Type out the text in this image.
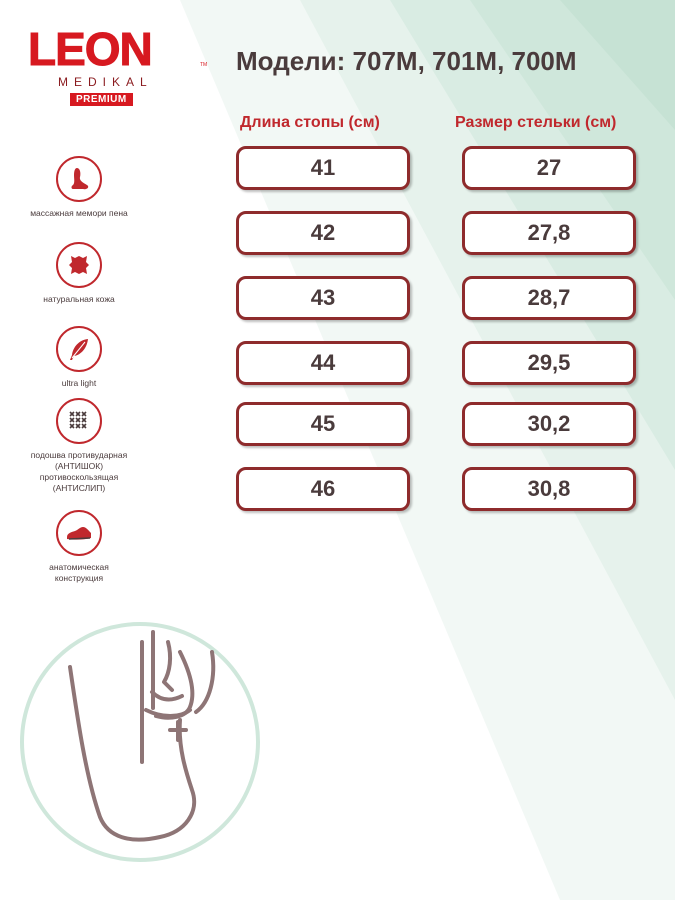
LEON	TM
MEDIKAL
PREMIUM
Модели: 707М, 701М, 700М
Длина стопы (см)	Размер стельки (см)
41	27
42	27,8
43	28,7
44	29,5
45	30,2
46	30,8
массажная мемори пена
натуральная кожа
ultra light
подошва противударная (АНТИШОК) противоскользящая (АНТИСЛИП)
анатомическая конструкция
